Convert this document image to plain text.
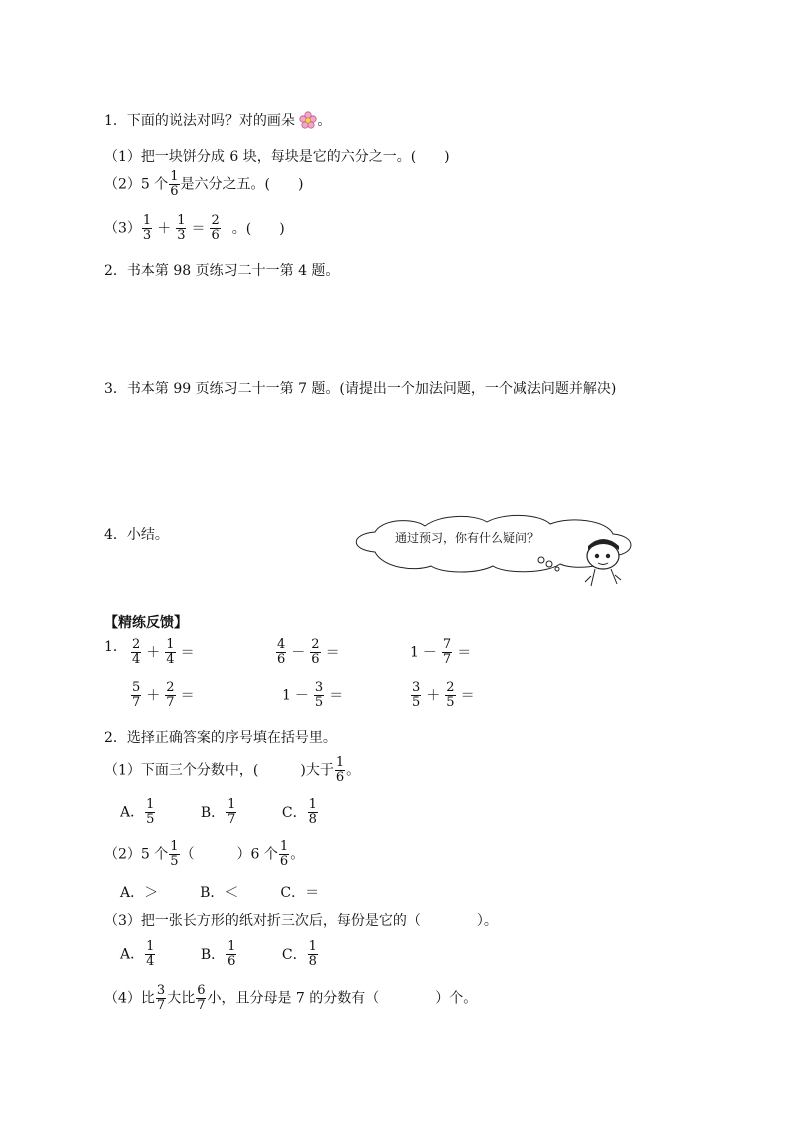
1．下面的说法对吗？对的画朵 。
（1）把一块饼分成 6 块，每块是它的六分之一。(　　)
（2）5 个 $\frac{1}{6}$ 是六分之五。(　　)
$(3) \frac{1}{3} + \frac{1}{3} = \frac{2}{6}$ 。(　　)
2．书本第 98 页练习二十一第 4 题。
3．书本第 99 页练习二十一第 7 题。(请提出一个加法问题，一个减法问题并解决)
4．小结。	通过预习，你有什么疑问？
【精练反馈】
1． $\frac{2}{4} + \frac{1}{4}$ ＝	$\frac{4}{6} - \frac{2}{6}$ ＝	$1 - \frac{7}{7}$ ＝
$\frac{5}{7} + \frac{2}{7}$ ＝	$1 - \frac{3}{5}$ ＝	$\frac{3}{5} + \frac{2}{5}$ ＝
2．选择正确答案的序号填在括号里。
（1）下面三个分数中，(　　　)大于 $\frac{1}{6}$ 。
A． $\frac{1}{5}$	B． $\frac{1}{7}$	C． $\frac{1}{8}$
（2）5 个 $\frac{1}{5}$ （　　　）6 个 $\frac{1}{6}$ 。
A．＞　　　B．＜　　　C．＝
（3）把一张长方形的纸对折三次后，每份是它的（　　　　）。
A． $\frac{1}{4}$	B． $\frac{1}{6}$	C． $\frac{1}{8}$
（4）比 $\frac{3}{7}$ 大比 $\frac{6}{7}$ 小，且分母是 7 的分数有（　　　　）个。
